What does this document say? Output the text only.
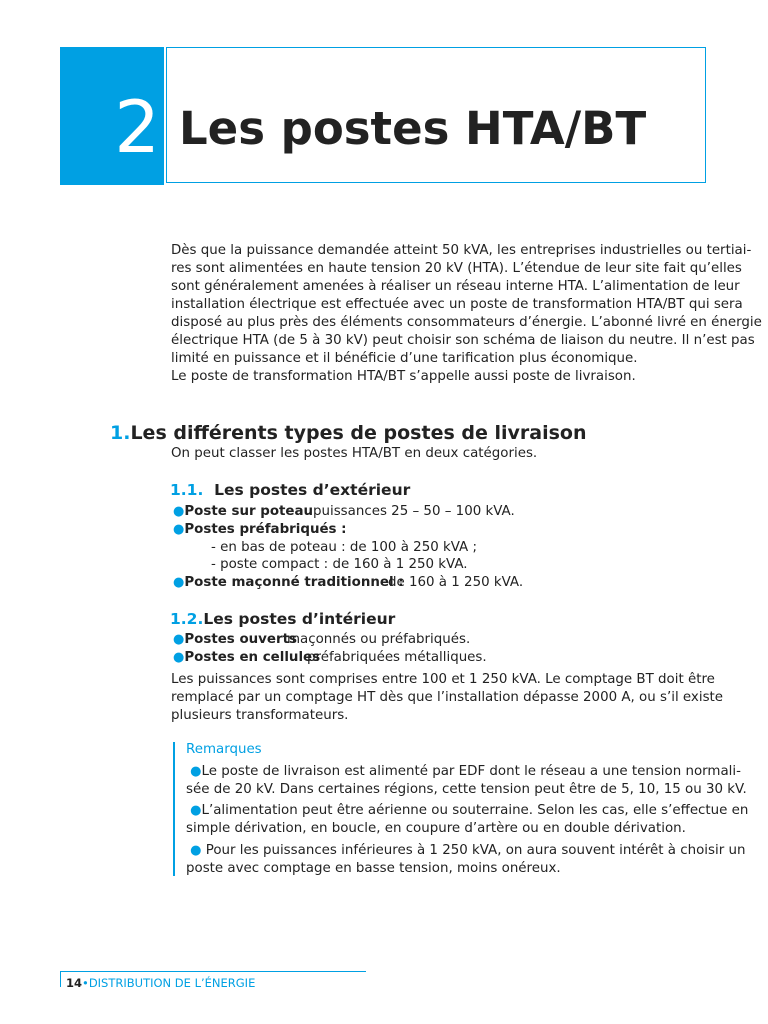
2 Les postes HTA/BT
Dès que la puissance demandée atteint 50 kVA, les entreprises industrielles ou tertiai-
res sont alimentées en haute tension 20 kV (HTA). L’étendue de leur site fait qu’elles
sont généralement amenées à réaliser un réseau interne HTA. L’alimentation de leur
installation électrique est effectuée avec un poste de transformation HTA/BT qui sera
disposé au plus près des éléments consommateurs d’énergie. L’abonné livré en énergie
électrique HTA (de 5 à 30 kV) peut choisir son schéma de liaison du neutre. Il n’est pas
limité en puissance et il bénéficie d’une tarification plus économique.
Le poste de transformation HTA/BT s’appelle aussi poste de livraison.
1.Les différents types de postes de livraison
On peut classer les postes HTA/BT en deux catégories.
1.1. Les postes d’extérieur
●Poste sur poteau puissances 25 – 50 – 100 kVA.
●Postes préfabriqués :
- en bas de poteau : de 100 à 250 kVA ;
- poste compact : de 160 à 1 250 kVA.
●Poste maçonné traditionnel :
de 160 à 1 250 kVA.
1.2.Les postes d’intérieur
●Postes ouverts
maçonnés ou préfabriqués.
●Postes en cellules
préfabriquées métalliques.
Les puissances sont comprises entre 100 et 1 250 kVA. Le comptage BT doit être
remplacé par un comptage HT dès que l’installation dépasse 2000 A, ou s’il existe
plusieurs transformateurs.
Remarques
●Le poste de livraison est alimenté par EDF dont le réseau a une tension normali-
sée de 20 kV. Dans certaines régions, cette tension peut être de 5, 10, 15 ou 30 kV.
●L’alimentation peut être aérienne ou souterraine. Selon les cas, elle s’effectue en
simple dérivation, en boucle, en coupure d’artère ou en double dérivation.
● Pour les puissances inférieures à 1 250 kVA, on aura souvent intérêt à choisir un
poste avec comptage en basse tension, moins onéreux.
14•DISTRIBUTION DE L’ÉNERGIE
